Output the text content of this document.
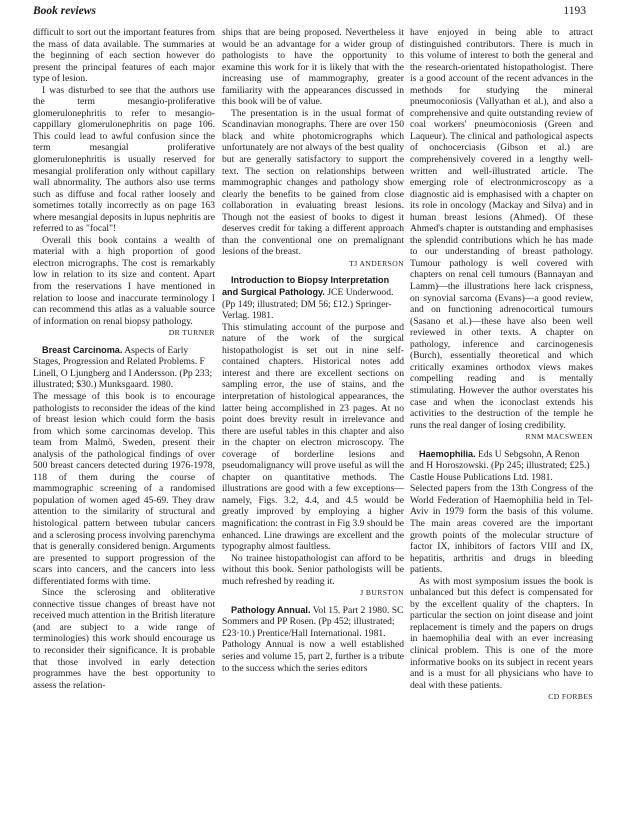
Book reviews	1193

difficult to sort out the important features from the mass of data available. The summaries at the beginning of each section however do present the principal features of each major type of lesion.

I was disturbed to see that the authors use the term mesangio-proliferative glomerulonephritis to refer to mesangio-cappillary glomerulonephritis on page 106. This could lead to awful confusion since the term mesangial proliferative glomerulonephritis is usually reserved for mesangial proliferation only without capillary wall abnormality. The authors also use terms such as diffuse and focal rather loosely and sometimes totally incorrectly as on page 163 where mesangial deposits in lupus nephritis are referred to as "focal"!

Overall this book contains a wealth of material with a high proportion of good electron micrographs. The cost is remarkably low in relation to its size and content. Apart from the reservations I have mentioned in relation to loose and inaccurate terminology I can recommend this atlas as a valuable source of information on renal biopsy pathology.

DR TURNER

Breast Carcinoma. Aspects of Early Stages, Progression and Related Problems. F Linell, O Ljungberg and I Andersson. (Pp 233; illustrated; $30.) Munksgaard. 1980.

The message of this book is to encourage pathologists to reconsider the ideas of the kind of breast lesion which could form the basis from which some carcinomas develop. This team from Malmö, Sweden, present their analysis of the pathological findings of over 500 breast cancers detected during 1976-1978, 118 of them during the course of mammographic screening of a randomised population of women aged 45-69. They draw attention to the similarity of structural and histological pattern between tubular cancers and a sclerosing process involving parenchyma that is generally considered benign. Arguments are presented to support progression of the scars into cancers, and the cancers into less differentiated forms with time.

Since the sclerosing and obliterative connective tissue changes of breast have not received much attention in the British literature (and are subject to a wide range of terminologies) this work should encourage us to reconsider their significance. It is probable that those involved in early detection programmes have the best opportunity to assess the relation-

ships that are being proposed. Nevertheless it would be an advantage for a wider group of pathologists to have the opportunity to examine this work for it is likely that with the increasing use of mammography, greater familiarity with the appearances discussed in this book will be of value.

The presentation is in the usual format of Scandinavian monographs. There are over 150 black and white photomicrographs which unfortunately are not always of the best quality but are generally satisfactory to support the text. The section on relationships between mammographic changes and pathology show clearly the benefits to be gained from close collaboration in evaluating breast lesions. Though not the easiest of books to digest it deserves credit for taking a different approach than the conventional one on premalignant lesions of the breast.

TJ ANDERSON

Introduction to Biopsy Interpretation and Surgical Pathology. JCE Underwood. (Pp 149; illustrated; DM 56; £12.) Springer-Verlag. 1981.

This stimulating account of the purpose and nature of the work of the surgical histopathologist is set out in nine self-contained chapters. Historical notes add interest and there are excellent sections on sampling error, the use of stains, and the interpretation of histological appearances, the latter being accomplished in 23 pages. At no point does brevity result in irrelevance and there are useful tables in this chapter and also in the chapter on electron microscopy. The coverage of borderline lesions and pseudomalignancy will prove useful as will the chapter on quantitative methods. The illustrations are good with a few exceptions—namely, Figs. 3.2, 4.4, and 4.5 would be greatly improved by employing a higher magnification: the contrast in Fig 3.9 should be enhanced. Line drawings are excellent and the typography almost faultless.

No trainee histopathologist can afford to be without this book. Senior pathologists will be much refreshed by reading it.

J BURSTON

Pathology Annual. Vol 15. Part 2 1980. SC Sommers and PP Rosen. (Pp 452; illustrated; £23·10.) Prentice/Hall International. 1981.

Pathology Annual is now a well established series and volume 15, part 2, further is a tribute to the success which the series editors

have enjoyed in being able to attract distinguished contributors. There is much in this volume of interest to both the general and the research-orientated histopathologist. There is a good account of the recent advances in the methods for studying the mineral pneumoconiosis (Vallyathan et al.), and also a comprehensive and quite outstanding review of coal workers' pneumoconiosis (Green and Laqueur). The clinical and pathological aspects of onchocerciasis (Gibson et al.) are comprehensively covered in a lengthy well-written and well-illustrated article. The emerging role of electronmicroscopy as a diagnostic aid is emphasised with a chapter on its role in oncology (Mackay and Silva) and in human breast lesions (Ahmed). Of these Ahmed's chapter is outstanding and emphasises the splendid contributions which he has made to our understanding of breast pathology. Tumour pathology is well covered with chapters on renal cell tumours (Bannayan and Lamm)—the illustrations here lack crispness, on synovial sarcoma (Evans)—a good review, and on functioning adrenocortical tumours (Sasano et al.)—these have also been well reviewed in other texts. A chapter on pathology, inference and carcinogenesis (Burch), essentially theoretical and which critically examines orthodox views makes compelling reading and is mentally stimulating. However the author overstates his case and when the iconoclast extends his activities to the destruction of the temple he runs the real danger of losing credibility.

RNM MACSWEEN

Haemophilia. Eds U Sebgsohn, A Renon and H Horoszowski. (Pp 245; illustrated; £25.) Castle House Publications Ltd. 1981.

Selected papers from the 13th Congress of the World Federation of Haemophilia held in Tel-Aviv in 1979 form the basis of this volume. The main areas covered are the important growth points of the molecular structure of factor IX, inhibitors of factors VIII and IX, hepatitis, arthritis and drugs in bleeding patients.

As with most symposium issues the book is unbalanced but this defect is compensated for by the excellent quality of the chapters. In particular the section on joint disease and joint replacement is timely and the papers on drugs in haemophilia deal with an ever increasing clinical problem. This is one of the more informative books on its subject in recent years and is a must for all physicians who have to deal with these patients.

CD FORBES
